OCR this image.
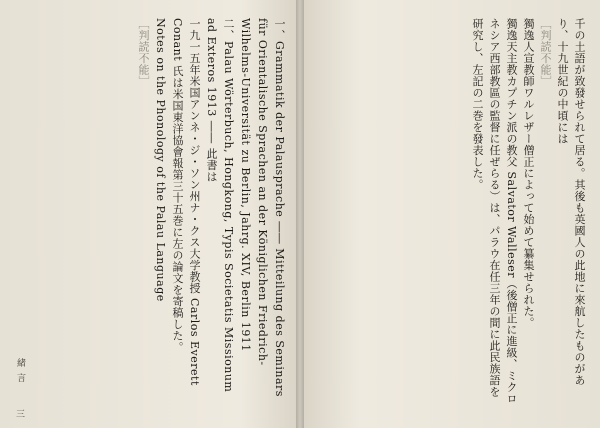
一、Grammatik der Palausprache ―― Mitteilung des Seminars für Orientalische Sprachen an der Königlichen Friedrich-Wilhelms-Universität zu Berlin, Jahrg. XIV, Berlin 1911

二、Palau Wörterbuch, Hongkong, Typis Societatis Missionum ad Exteros 1913 ―― 此書は

一九一五年米国アンネ・ジ・ソン州ナ・クス大学教授 Carlos Everett Conant 氏は米国東洋協會報第三十五巻に左の論文を寄稿した。

Notes on the Phonology of the Palau Language

［判読不能］

緒言
三

千の土語が致發せられて居る。其後も英國人の此地に來航したものがあり、十九世紀の中頃には

［判読不能］

獨逸人宣教師ワルレザー僧正によって始めて纂集せられた。

獨逸天主教カプチン派の教父 Salvator Walleser（後僧正に進級、ミクロネシア西部教區の監督に任ぜらる）は、パラウ在任三年の間に此民族語を研究し、左記の二巻を發表した。
